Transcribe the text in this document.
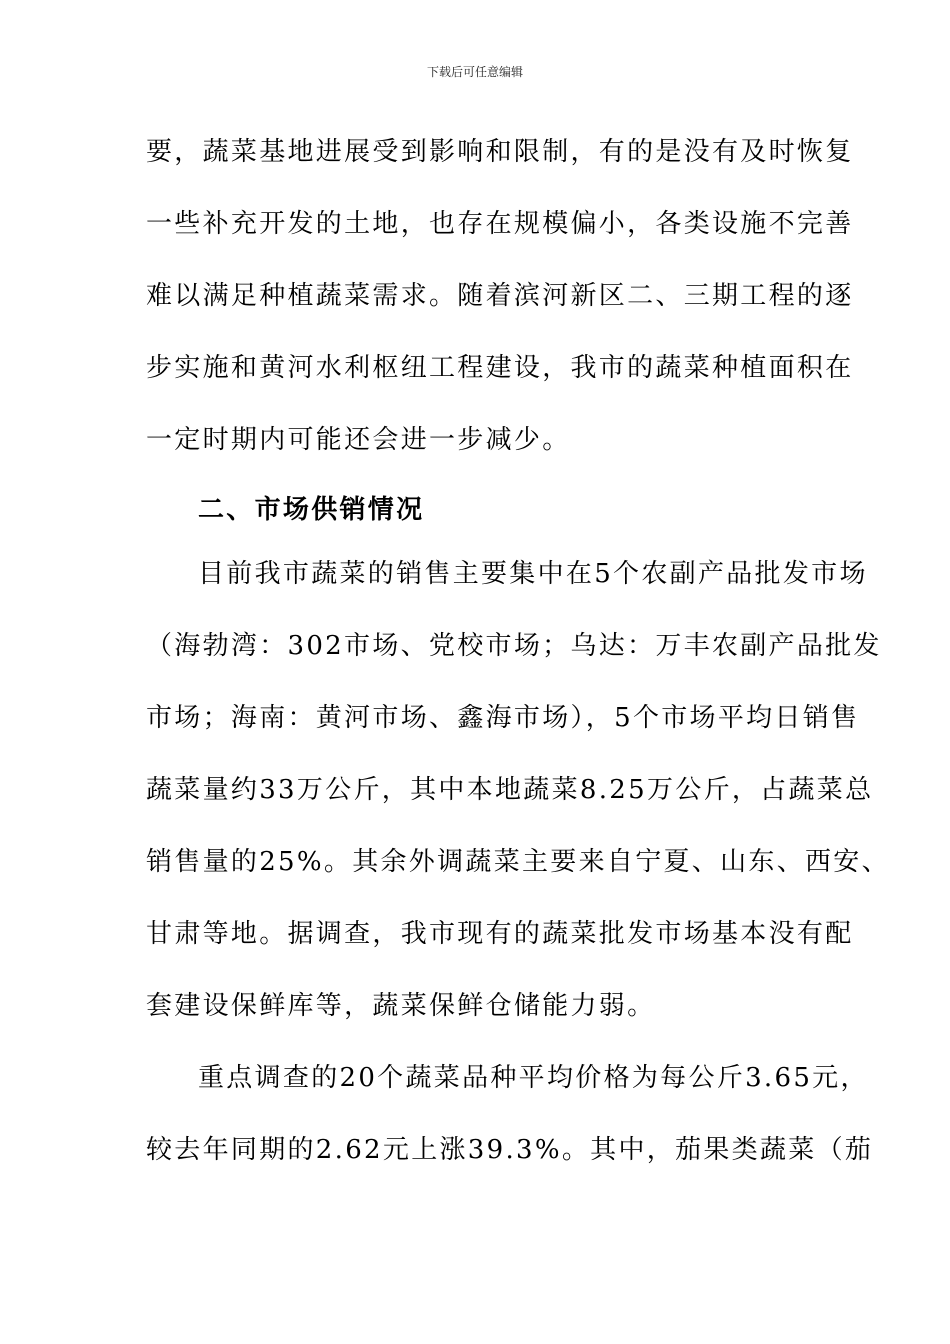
下载后可任意编辑
要，蔬菜基地进展受到影响和限制，有的是没有及时恢复
一些补充开发的土地，也存在规模偏小，各类设施不完善
难以满足种植蔬菜需求。随着滨河新区二、三期工程的逐
步实施和黄河水利枢纽工程建设，我市的蔬菜种植面积在
一定时期内可能还会进一步减少。
二、市场供销情况
目前我市蔬菜的销售主要集中在5个农副产品批发市场
（海勃湾：302市场、党校市场；乌达：万丰农副产品批发
市场；海南：黄河市场、鑫海市场），5个市场平均日销售
蔬菜量约33万公斤，其中本地蔬菜8.25万公斤，占蔬菜总
销售量的25%。其余外调蔬菜主要来自宁夏、山东、西安、
甘肃等地。据调查，我市现有的蔬菜批发市场基本没有配
套建设保鲜库等，蔬菜保鲜仓储能力弱。
重点调查的20个蔬菜品种平均价格为每公斤3.65元，
较去年同期的2.62元上涨39.3%。其中，茄果类蔬菜（茄
